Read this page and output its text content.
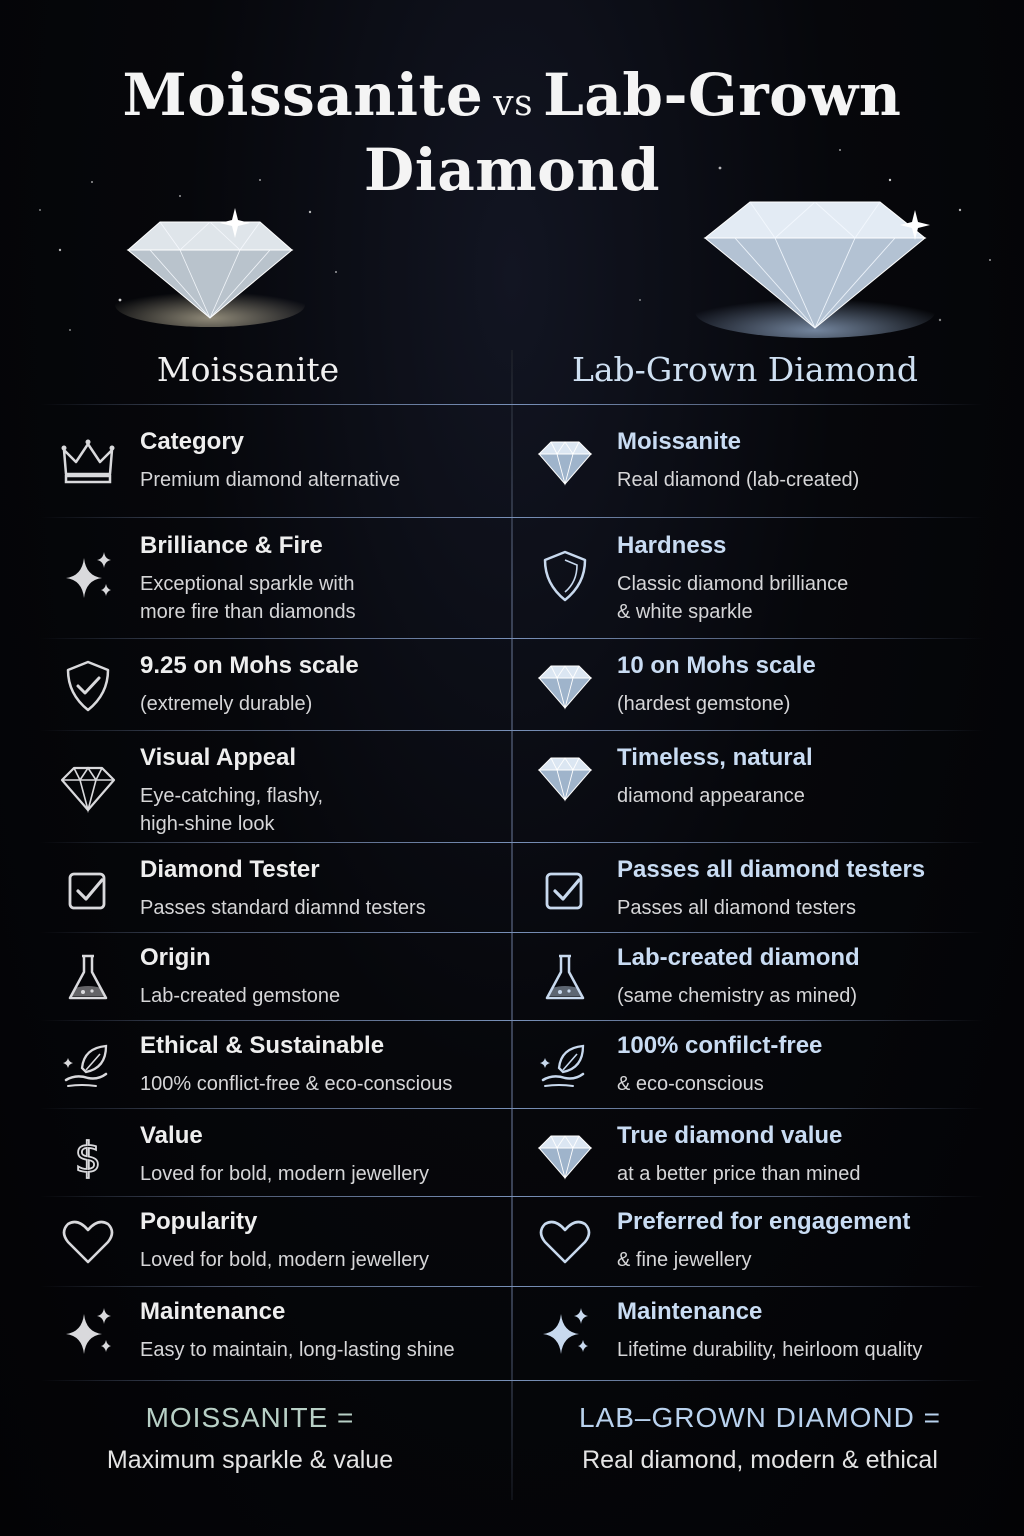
Moissanite vs Lab-Grown
Diamond
Moissanite	Lab-Grown Diamond
Category
Premium diamond alternative
Moissanite
Real diamond (lab-created)
Brilliance & Fire
Exceptional sparkle with
more fire than diamonds
Hardness
Classic diamond brilliance
& white sparkle
9.25 on Mohs scale
(extremely durable)
10 on Mohs scale
(hardest gemstone)
Visual Appeal
Eye-catching, flashy,
high-shine look
Timeless, natural
diamond appearance
Diamond Tester
Passes standard diamnd testers
Passes all diamond testers
Passes all diamond testers
Origin
Lab-created gemstone
Lab-created diamond
(same chemistry as mined)
Ethical & Sustainable
100% conflict-free & eco-conscious
100% confilct-free
& eco-conscious
$ Value
Loved for bold, modern jewellery
True diamond value
at a better price than mined
Popularity
Loved for bold, modern jewellery
Preferred for engagement
& fine jewellery
Maintenance
Easy to maintain, long-lasting shine
Maintenance
Lifetime durability, heirloom quality
MOISSANITE =
Maximum sparkle & value
LAB–GROWN DIAMOND =
Real diamond, modern & ethical
